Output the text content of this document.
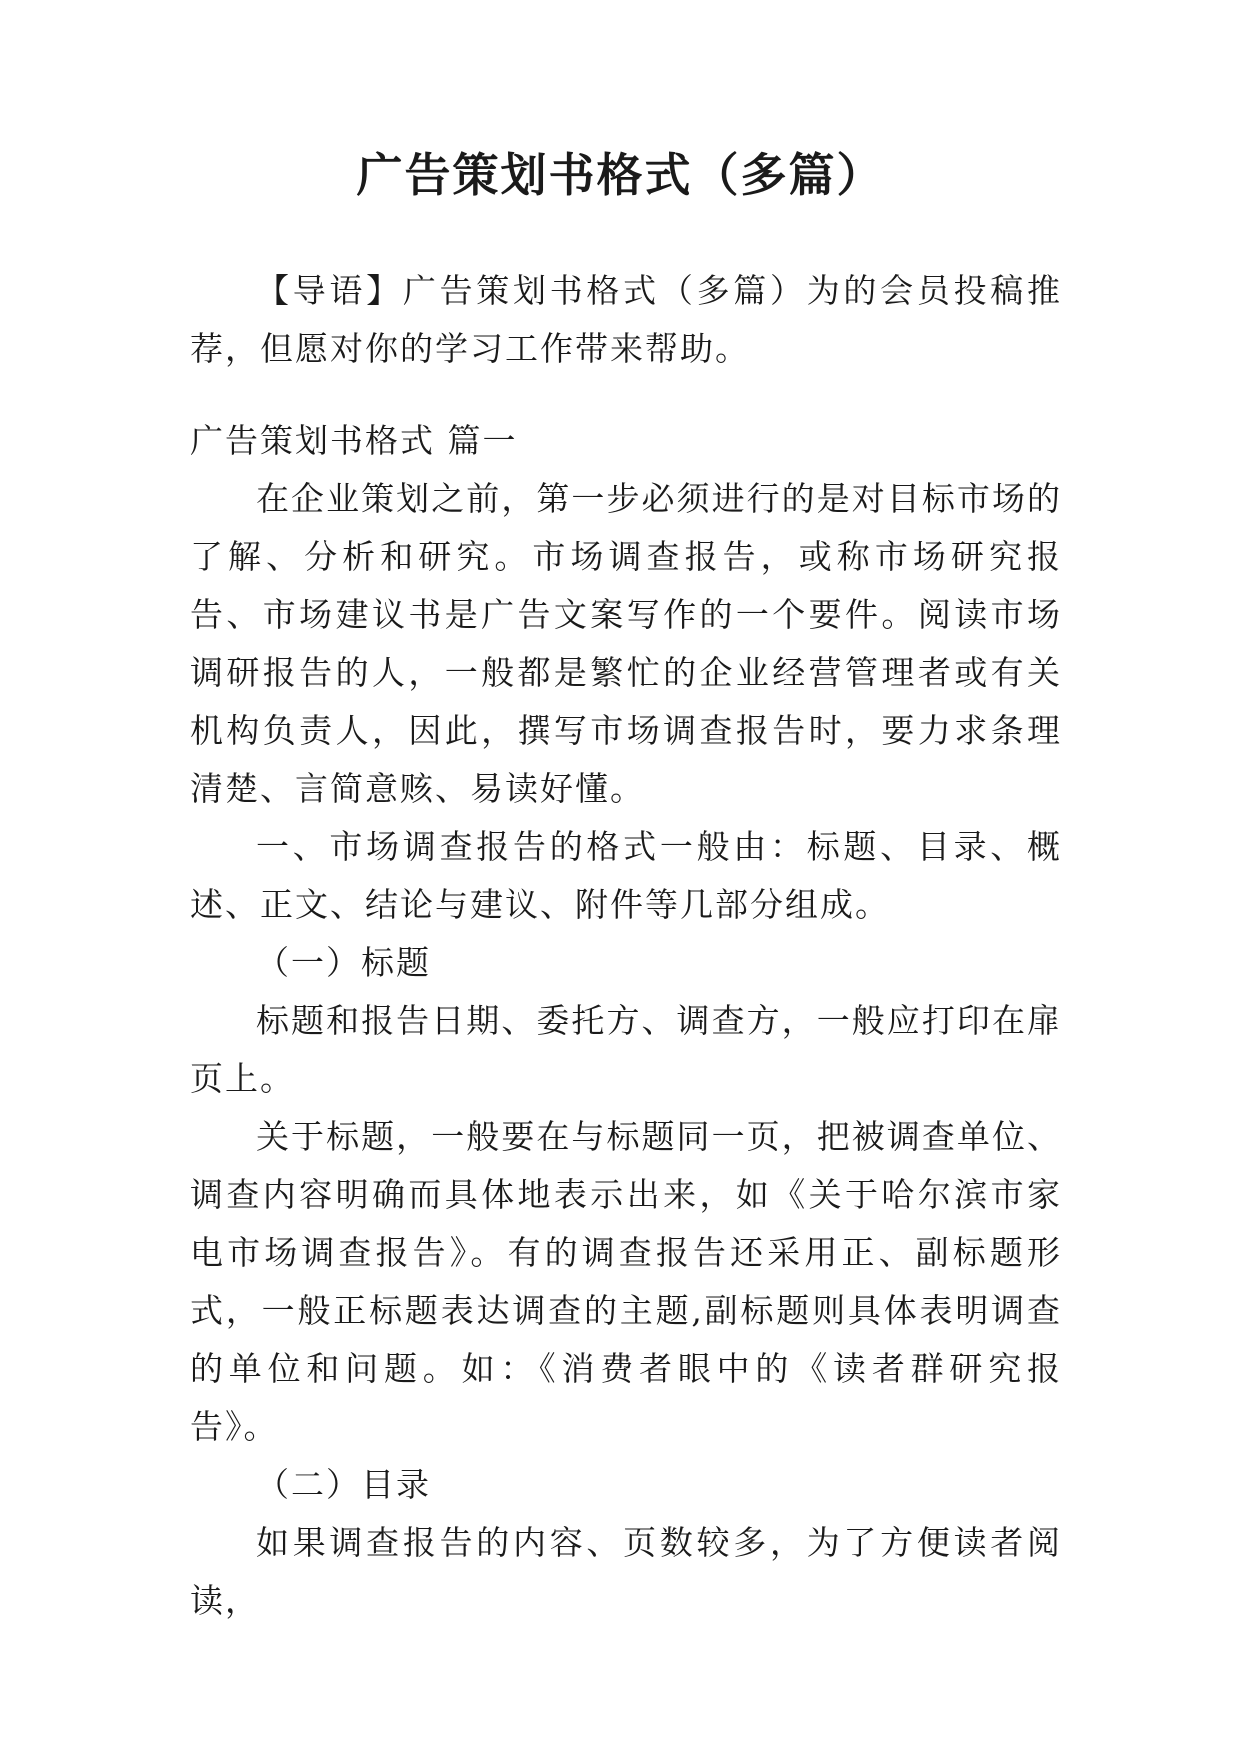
广告策划书格式（多篇）

【导语】广告策划书格式（多篇）为的会员投稿推荐，但愿对你的学习工作带来帮助。

广告策划书格式 篇一

在企业策划之前，第一步必须进行的是对目标市场的了解、分析和研究。市场调查报告，或称市场研究报告、市场建议书是广告文案写作的一个要件。阅读市场调研报告的人，一般都是繁忙的企业经营管理者或有关机构负责人，因此，撰写市场调查报告时，要力求条理清楚、言简意赅、易读好懂。

一、市场调查报告的格式一般由：标题、目录、概述、正文、结论与建议、附件等几部分组成。

（一）标题

标题和报告日期、委托方、调查方，一般应打印在扉页上。

关于标题，一般要在与标题同一页，把被调查单位、调查内容明确而具体地表示出来，如《关于哈尔滨市家电市场调查报告》。有的调查报告还采用正、副标题形式，一般正标题表达调查的主题,副标题则具体表明调查的单位和问题。如：《消费者眼中的《读者群研究报告》。

（二）目录

如果调查报告的内容、页数较多，为了方便读者阅读，
